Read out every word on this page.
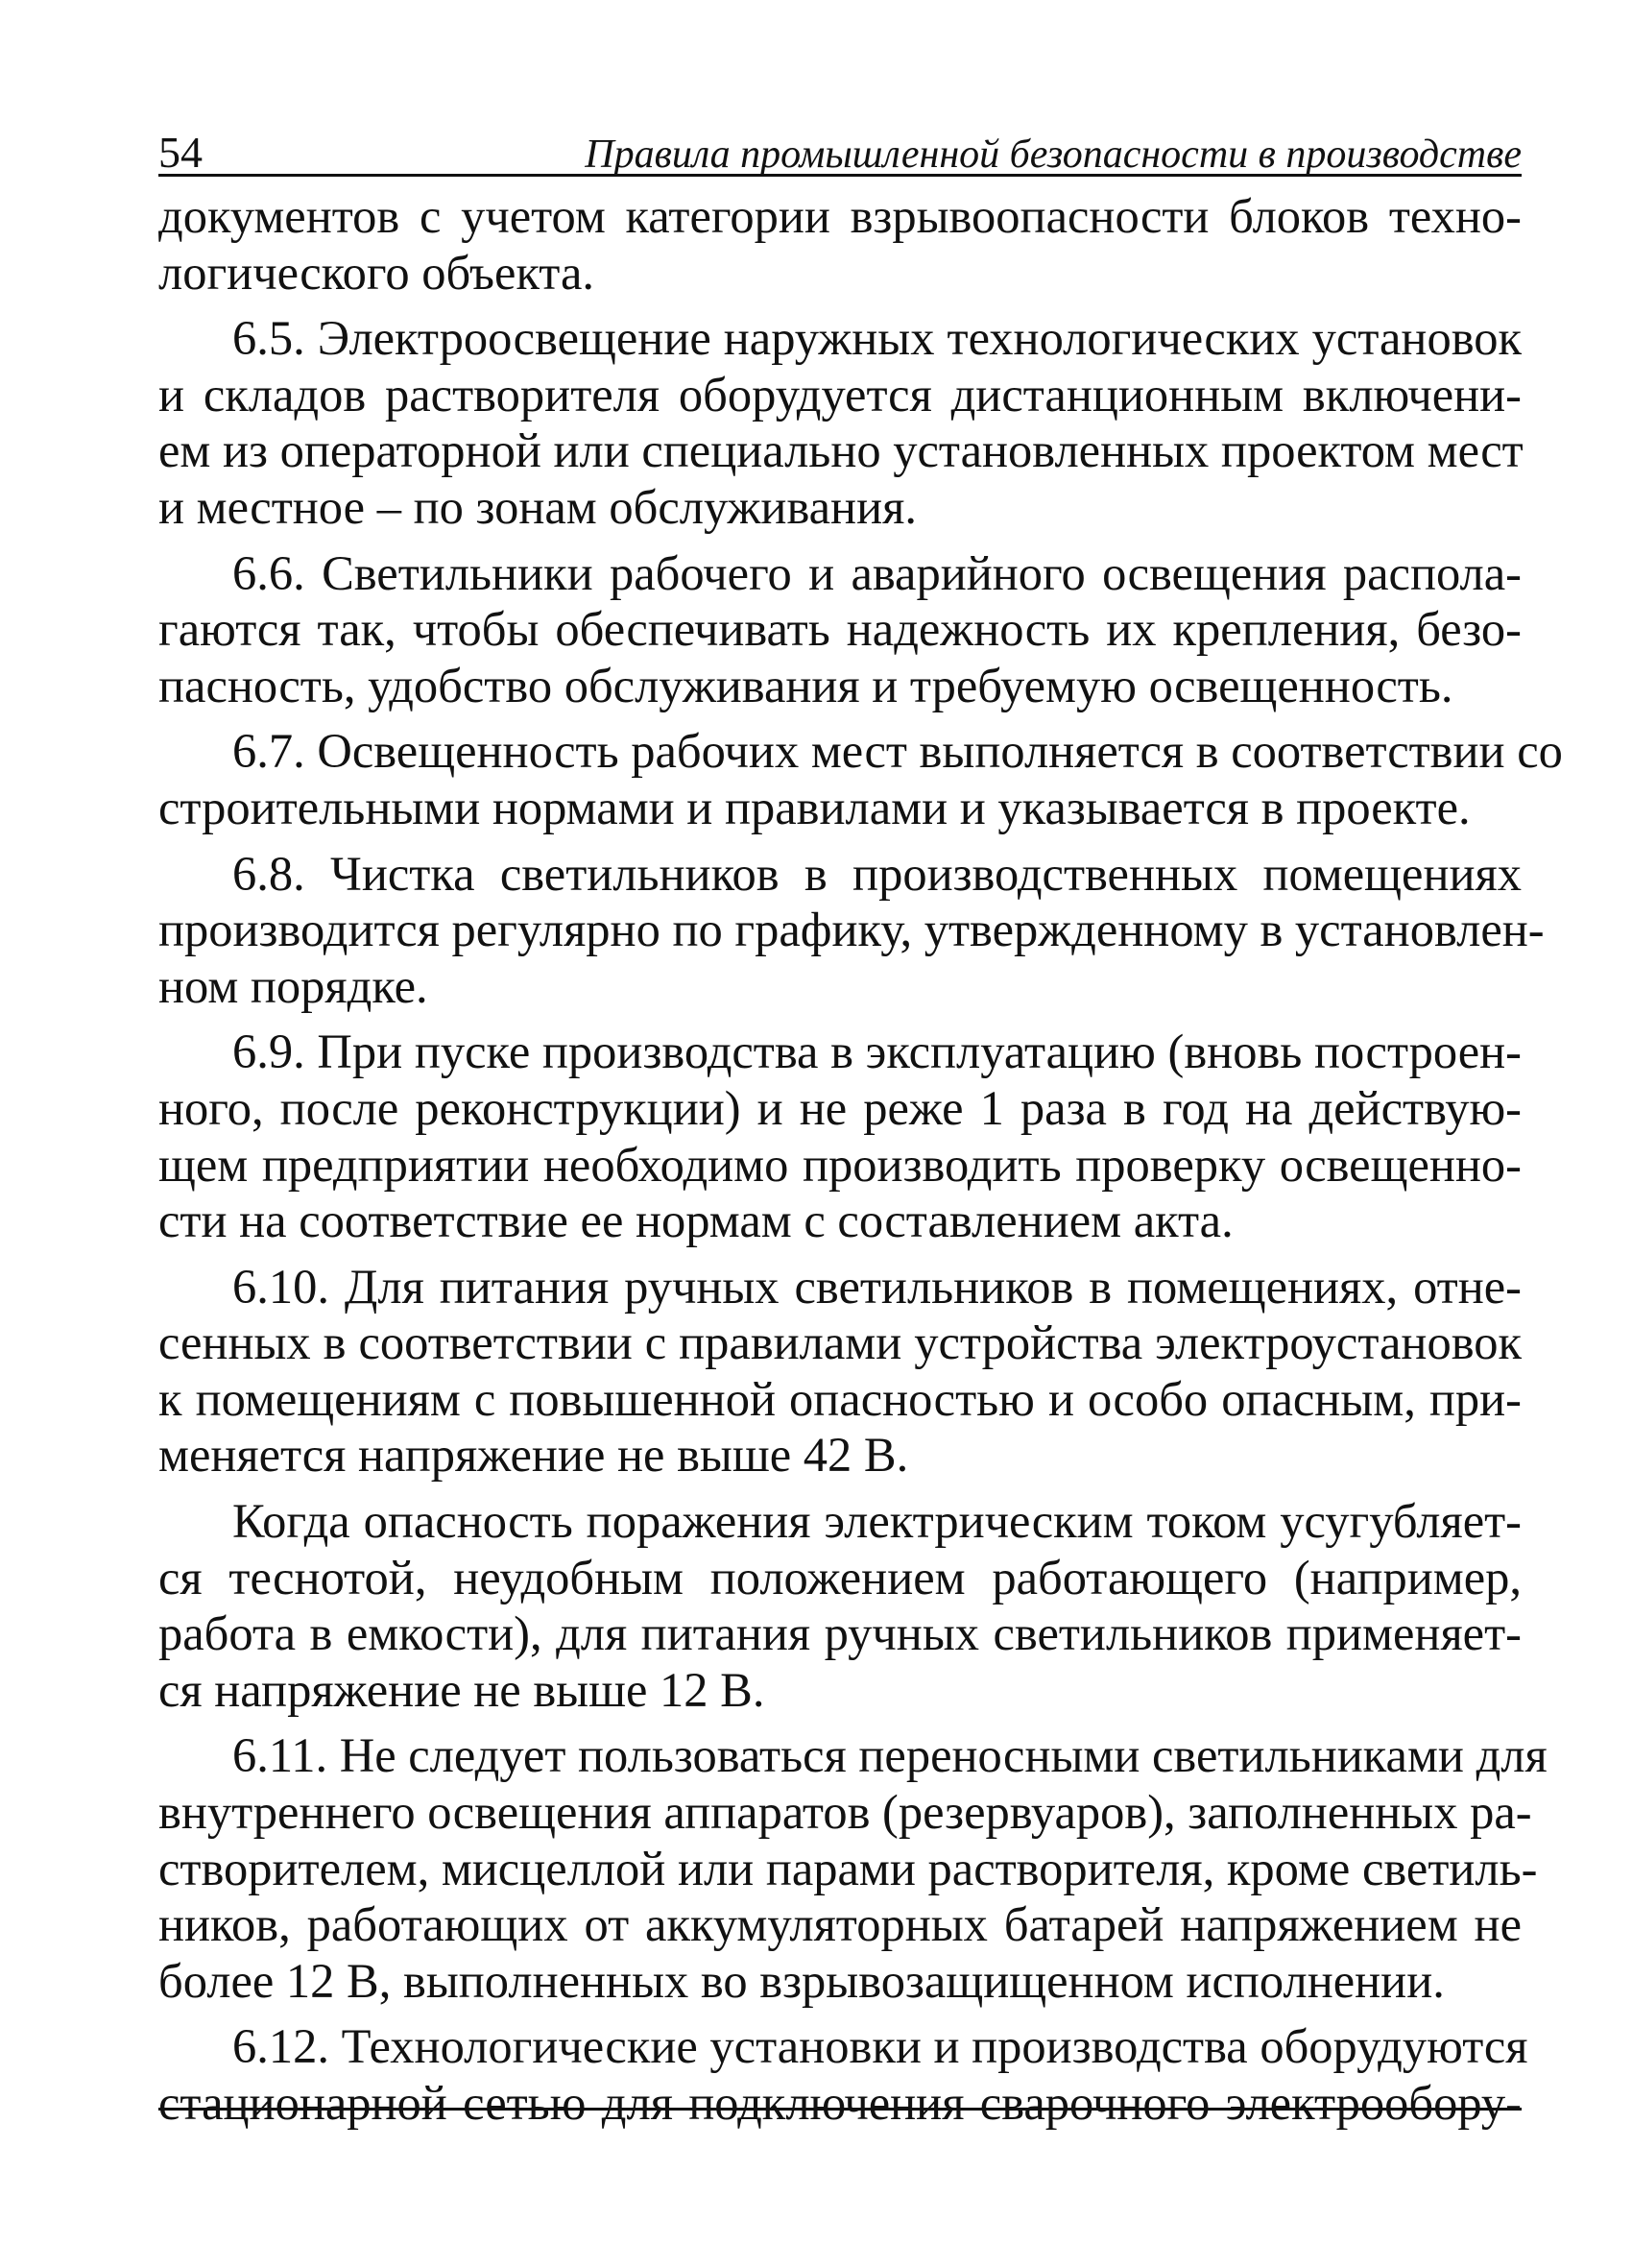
54	Правила промышленной безопасности в производстве

документов с учетом категории взрывоопасности блоков техно-
логического объекта.

6.5. Электроосвещение наружных технологических установок
и складов растворителя оборудуется дистанционным включени-
ем из операторной или специально установленных проектом мест
и местное – по зонам обслуживания.

6.6. Светильники рабочего и аварийного освещения распола-
гаются так, чтобы обеспечивать надежность их крепления, безо-
пасность, удобство обслуживания и требуемую освещенность.

6.7. Освещенность рабочих мест выполняется в соответствии со
строительными нормами и правилами и указывается в проекте.

6.8. Чистка светильников в производственных помещениях
производится регулярно по графику, утвержденному в установлен-
ном порядке.

6.9. При пуске производства в эксплуатацию (вновь построен-
ного, после реконструкции) и не реже 1 раза в год на действую-
щем предприятии необходимо производить проверку освещенно-
сти на соответствие ее нормам с составлением акта.

6.10. Для питания ручных светильников в помещениях, отне-
сенных в соответствии с правилами устройства электроустановок
к помещениям с повышенной опасностью и особо опасным, при-
меняется напряжение не выше 42 В.

Когда опасность поражения электрическим током усугубляет-
ся теснотой, неудобным положением работающего (например,
работа в емкости), для питания ручных светильников применяет-
ся напряжение не выше 12 В.

6.11. Не следует пользоваться переносными светильниками для
внутреннего освещения аппаратов (резервуаров), заполненных ра-
створителем, мисцеллой или парами растворителя, кроме светиль-
ников, работающих от аккумуляторных батарей напряжением не
более 12 В, выполненных во взрывозащищенном исполнении.

6.12. Технологические установки и производства оборудуются
стационарной сетью для подключения сварочного электрообору-
